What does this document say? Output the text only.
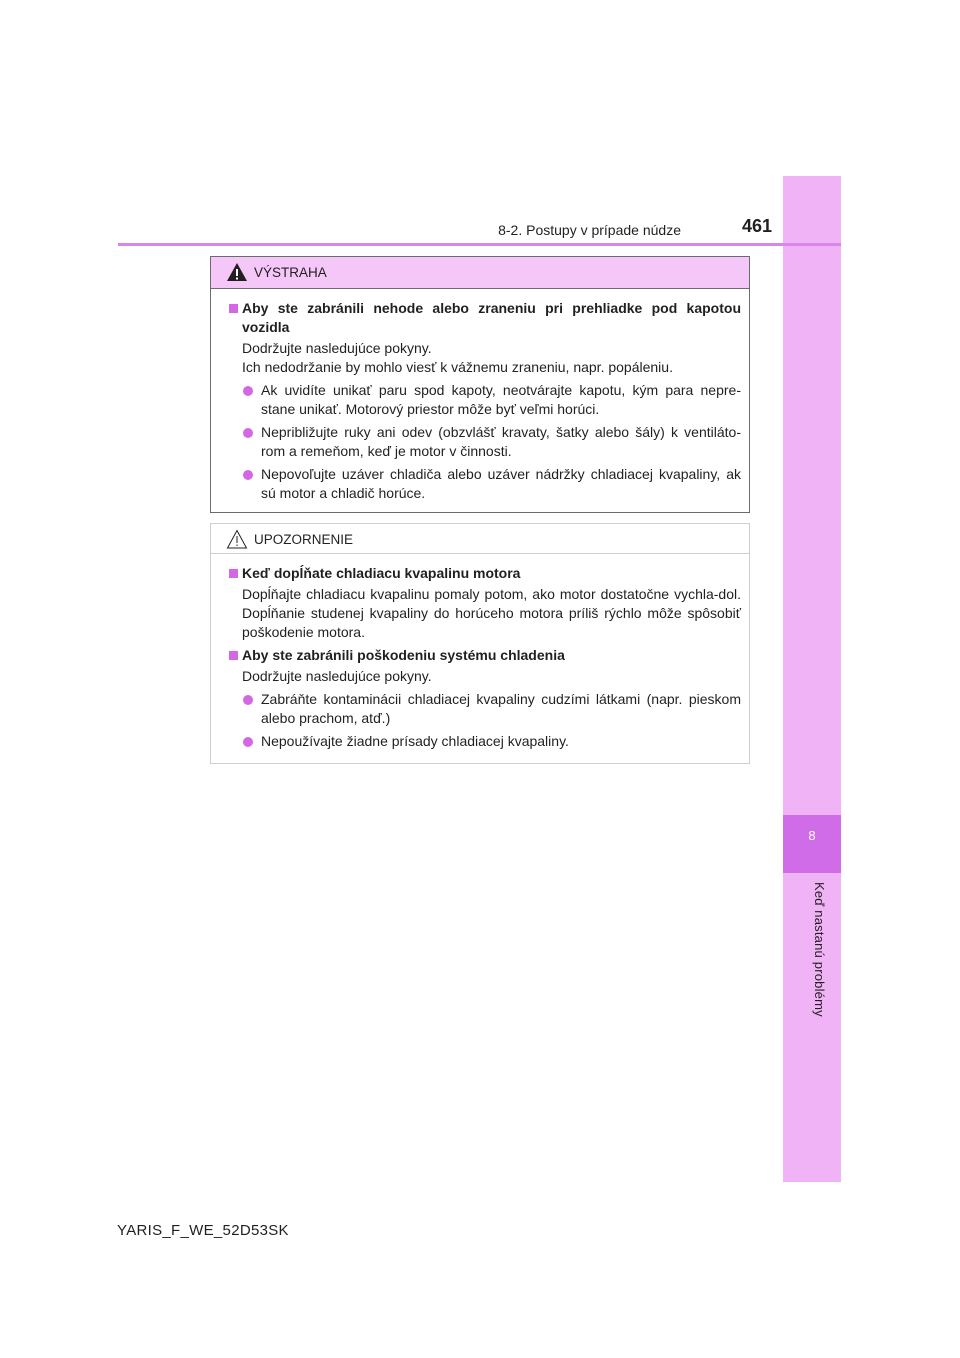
8
Keď nastanú problémy
8-2. Postupy v prípade núdze	461
VÝSTRAHA
Aby ste zabránili nehode alebo zraneniu pri prehliadke pod kapotou vozidla
Dodržujte nasledujúce pokyny.
Ich nedodržanie by mohlo viesť k vážnemu zraneniu, napr. popáleniu.
Ak uvidíte unikať paru spod kapoty, neotvárajte kapotu, kým para nepre-stane unikať. Motorový priestor môže byť veľmi horúci.
Nepribližujte ruky ani odev (obzvlášť kravaty, šatky alebo šály) k ventiláto-rom a remeňom, keď je motor v činnosti.
Nepovoľujte uzáver chladiča alebo uzáver nádržky chladiacej kvapaliny, ak sú motor a chladič horúce.
UPOZORNENIE
Keď dopĺňate chladiacu kvapalinu motora
Dopĺňajte chladiacu kvapalinu pomaly potom, ako motor dostatočne vychla-dol. Dopĺňanie studenej kvapaliny do horúceho motora príliš rýchlo môže spôsobiť poškodenie motora.
Aby ste zabránili poškodeniu systému chladenia
Dodržujte nasledujúce pokyny.
Zabráňte kontaminácii chladiacej kvapaliny cudzími látkami (napr. pieskom alebo prachom, atď.)
Nepoužívajte žiadne prísady chladiacej kvapaliny.
YARIS_F_WE_52D53SK
